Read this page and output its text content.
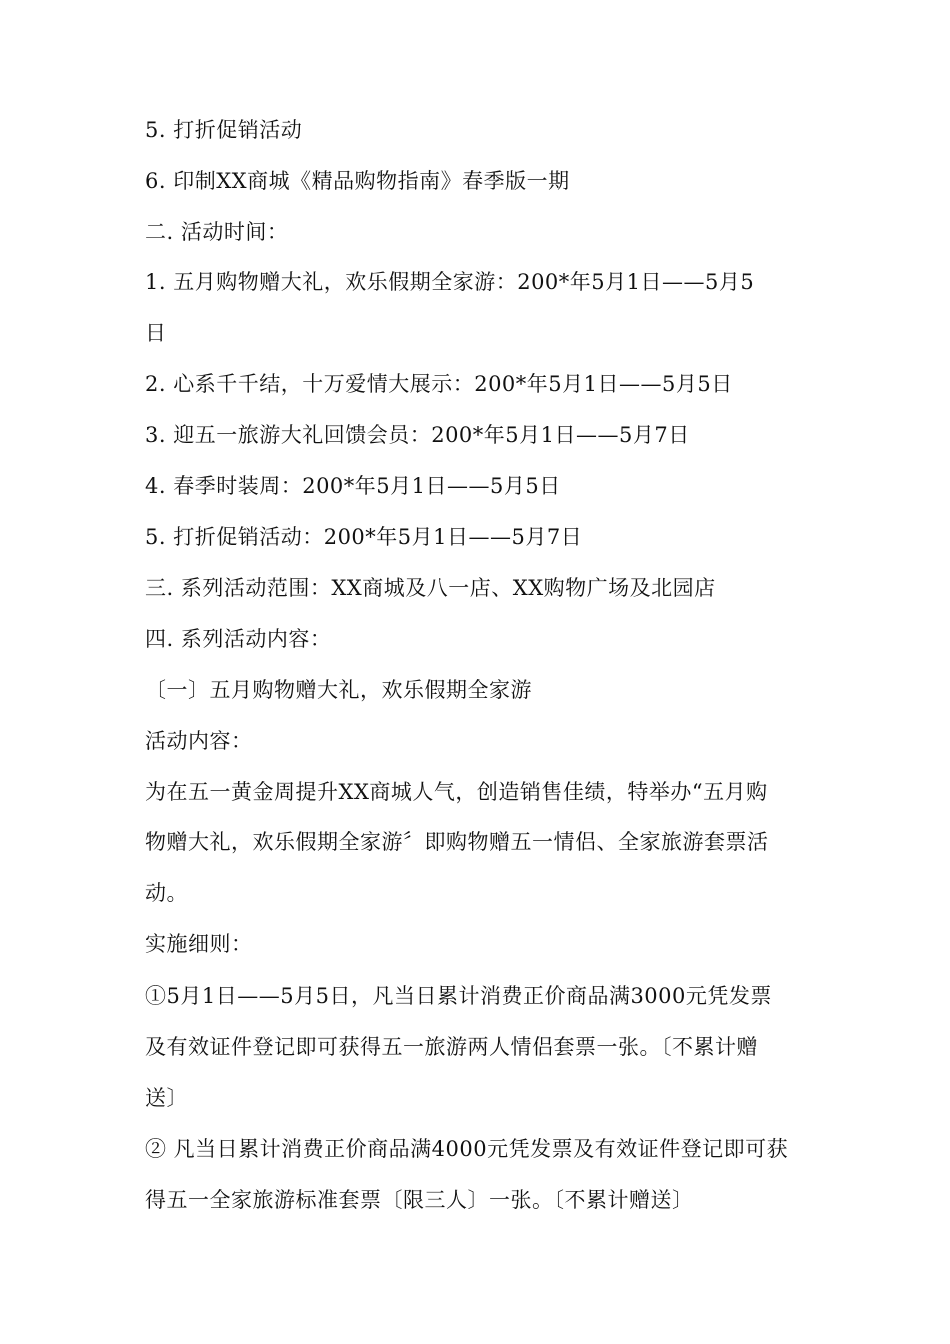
5. 打折促销活动
6. 印制XX商城《精品购物指南》春季版一期
二. 活动时间：
1. 五月购物赠大礼，欢乐假期全家游：200*年5月1日——5月5
日
2. 心系千千结，十万爱情大展示：200*年5月1日——5月5日
3. 迎五一旅游大礼回馈会员：200*年5月1日——5月7日
4. 春季时装周：200*年5月1日——5月5日
5. 打折促销活动：200*年5月1日——5月7日
三. 系列活动范围：XX商城及八一店、XX购物广场及北园店
四. 系列活动内容：
〔一〕五月购物赠大礼，欢乐假期全家游
活动内容：
为在五一黄金周提升XX商城人气，创造销售佳绩，特举办“五月购
物赠大礼，欢乐假期全家游〞即购物赠五一情侣、全家旅游套票活
动。
实施细则：
①5月1日——5月5日，凡当日累计消费正价商品满3000元凭发票
及有效证件登记即可获得五一旅游两人情侣套票一张。〔不累计赠
送〕
② 凡当日累计消费正价商品满4000元凭发票及有效证件登记即可获
得五一全家旅游标准套票〔限三人〕一张。〔不累计赠送〕
